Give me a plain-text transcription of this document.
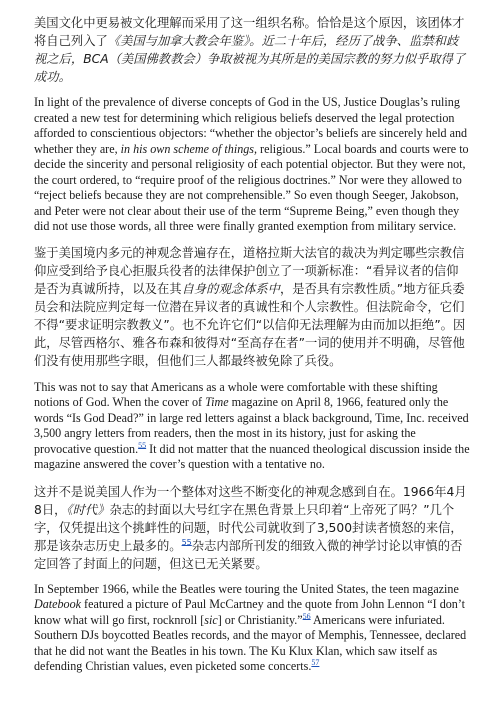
美国文化中更易被文化理解而采用了这一组织名称。恰恰是这个原因，该团体才将自己列入了《美国与加拿大教会年鉴》。近二十年后，经历了战争、监禁和歧视之后，BCA（美国佛教教会）争取被视为其所是的美国宗教的努力似乎取得了成功。

In light of the prevalence of diverse concepts of God in the US, Justice Douglas’s ruling created a new test for determining which religious beliefs deserved the legal protection afforded to conscientious objectors: “whether the objector’s beliefs are sincerely held and whether they are, in his own scheme of things, religious.” Local boards and courts were to decide the sincerity and personal religiosity of each potential objector. But they were not, the court ordered, to “require proof of the religious doctrines.” Nor were they allowed to “reject beliefs because they are not comprehensible.” So even though Seeger, Jakobson, and Peter were not clear about their use of the term “Supreme Being,” even though they did not use those words, all three were finally granted exemption from military service.

鉴于美国境内多元的神观念普遍存在，道格拉斯大法官的裁决为判定哪些宗教信仰应受到给予良心拒服兵役者的法律保护创立了一项新标准：“看异议者的信仰是否为真诚所持，以及在其自身的观念体系中，是否具有宗教性质。”地方征兵委员会和法院应判定每一位潜在异议者的真诚性和个人宗教性。但法院命令，它们不得“要求证明宗教教义”。也不允许它们“以信仰无法理解为由而加以拒绝”。因此，尽管西格尔、雅各布森和彼得对“至高存在者”一词的使用并不明确，尽管他们没有使用那些字眼，但他们三人都最终被免除了兵役。

This was not to say that Americans as a whole were comfortable with these shifting notions of God. When the cover of Time magazine on April 8, 1966, featured only the words “Is God Dead?” in large red letters against a black background, Time, Inc. received 3,500 angry letters from readers, then the most in its history, just for asking the provocative question.$^{55}$ It did not matter that the nuanced theological discussion inside the magazine answered the cover’s question with a tentative no.

这并不是说美国人作为一个整体对这些不断变化的神观念感到自在。1966年4月8日，《时代》杂志的封面以大号红字在黑色背景上只印着“上帝死了吗？”几个字，仅凭提出这个挑衅性的问题，时代公司就收到了3,500封读者愤怒的来信，那是该杂志历史上最多的。$^{55}$杂志内部所刊发的细致入微的神学讨论以审慎的否定回答了封面上的问题，但这已无关紧要。

In September 1966, while the Beatles were touring the United States, the teen magazine Datebook featured a picture of Paul McCartney and the quote from John Lennon “I don’t know what will go first, rocknroll [sic] or Christianity.”$^{56}$ Americans were infuriated. Southern DJs boycotted Beatles records, and the mayor of Memphis, Tennessee, declared that he did not want the Beatles in his town. The Ku Klux Klan, which saw itself as defending Christian values, even picketed some concerts.$^{57}$
